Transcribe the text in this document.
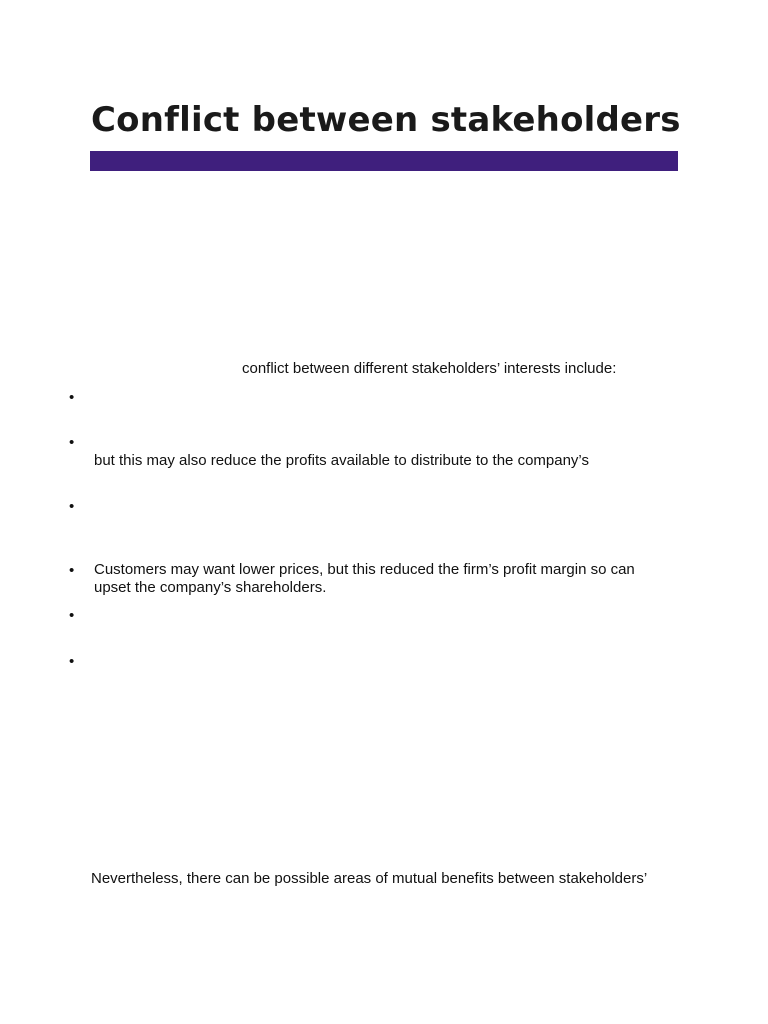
Conflict between stakeholders
conflict between different stakeholders’ interests include:
•
•
but this may also reduce the profits available to distribute to the company’s
•
• Customers may want lower prices, but this reduced the firm’s profit margin so can upset the company’s shareholders.
•
•
Nevertheless, there can be possible areas of mutual benefits between stakeholders’
